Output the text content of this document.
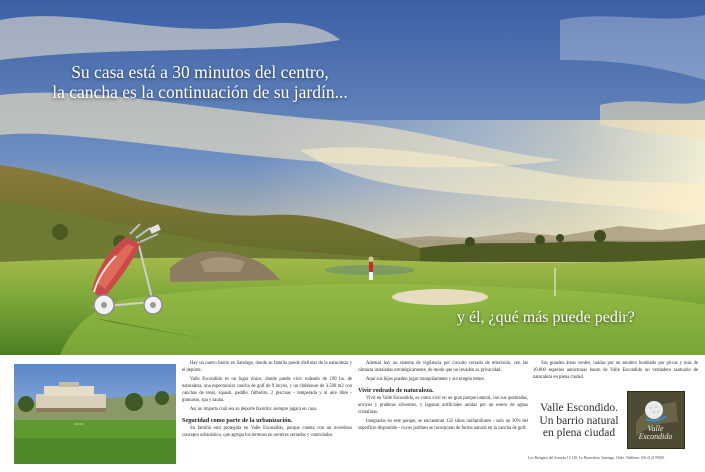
Su casa está a 30 minutos del centro,
la cancha es la continuación de su jardín...
y él, ¿qué más puede pedir?

Hay un nuevo barrio en Santiago, donde su familia puede disfrutar de la naturaleza y el deporte.

Valle Escondido es un lugar único, donde puede vivir rodeado de 190 ha. de naturaleza, una espectacular cancha de golf de 9 hoyos, y un clubhouse de 3.500 m2 con canchas de tenis, squash, paddle, fútbolito, 2 piscinas - temperada y al aire libre - gimnasio, spa y sauna.

Así no importa cuál sea su deporte favorito: siempre jugará en casa.

Seguridad como parte de la urbanización.

Su familia está protegida en Valle Escondido, porque cuenta con un novedoso concepto urbanístico, que agrupa los terrenos en sectores cerrados y controlados.

Además hay un sistema de vigilancia por circuito cerrado de televisión, con las cámaras instaladas estratégicamente, de modo que no invaden su privacidad.

Aquí sus hijos pueden jugar tranquilamente y sin ningún temor.

Vivir rodeado de naturaleza.

Vivir en Valle Escondido, es como vivir en un gran parque natural, con sus quebradas, arroyos y praderas silvestres, y lagunas artificiales unidas por un estero de aguas cristalinas.

Integrados en este parque, se encuentran 132 sitios unifamiliares - solo un 30% del superficie disponible - cuyos jardines se incorporan de forma natural en la cancha de golf.

Sus grandes áreas verdes, unidas por un sendero bordeado por pircas y más de 10.000 especies autóctonas hacen de Valle Escondido un verdadero santuario de naturaleza en plena ciudad.

Valle Escondido.
Un barrio natural
en plena ciudad	Valle
Escondido
Los Refugios del Arrayán 15.130, Lo Barnechea. Santiago, Chile. Teléfono: (56-2) 2170000.
